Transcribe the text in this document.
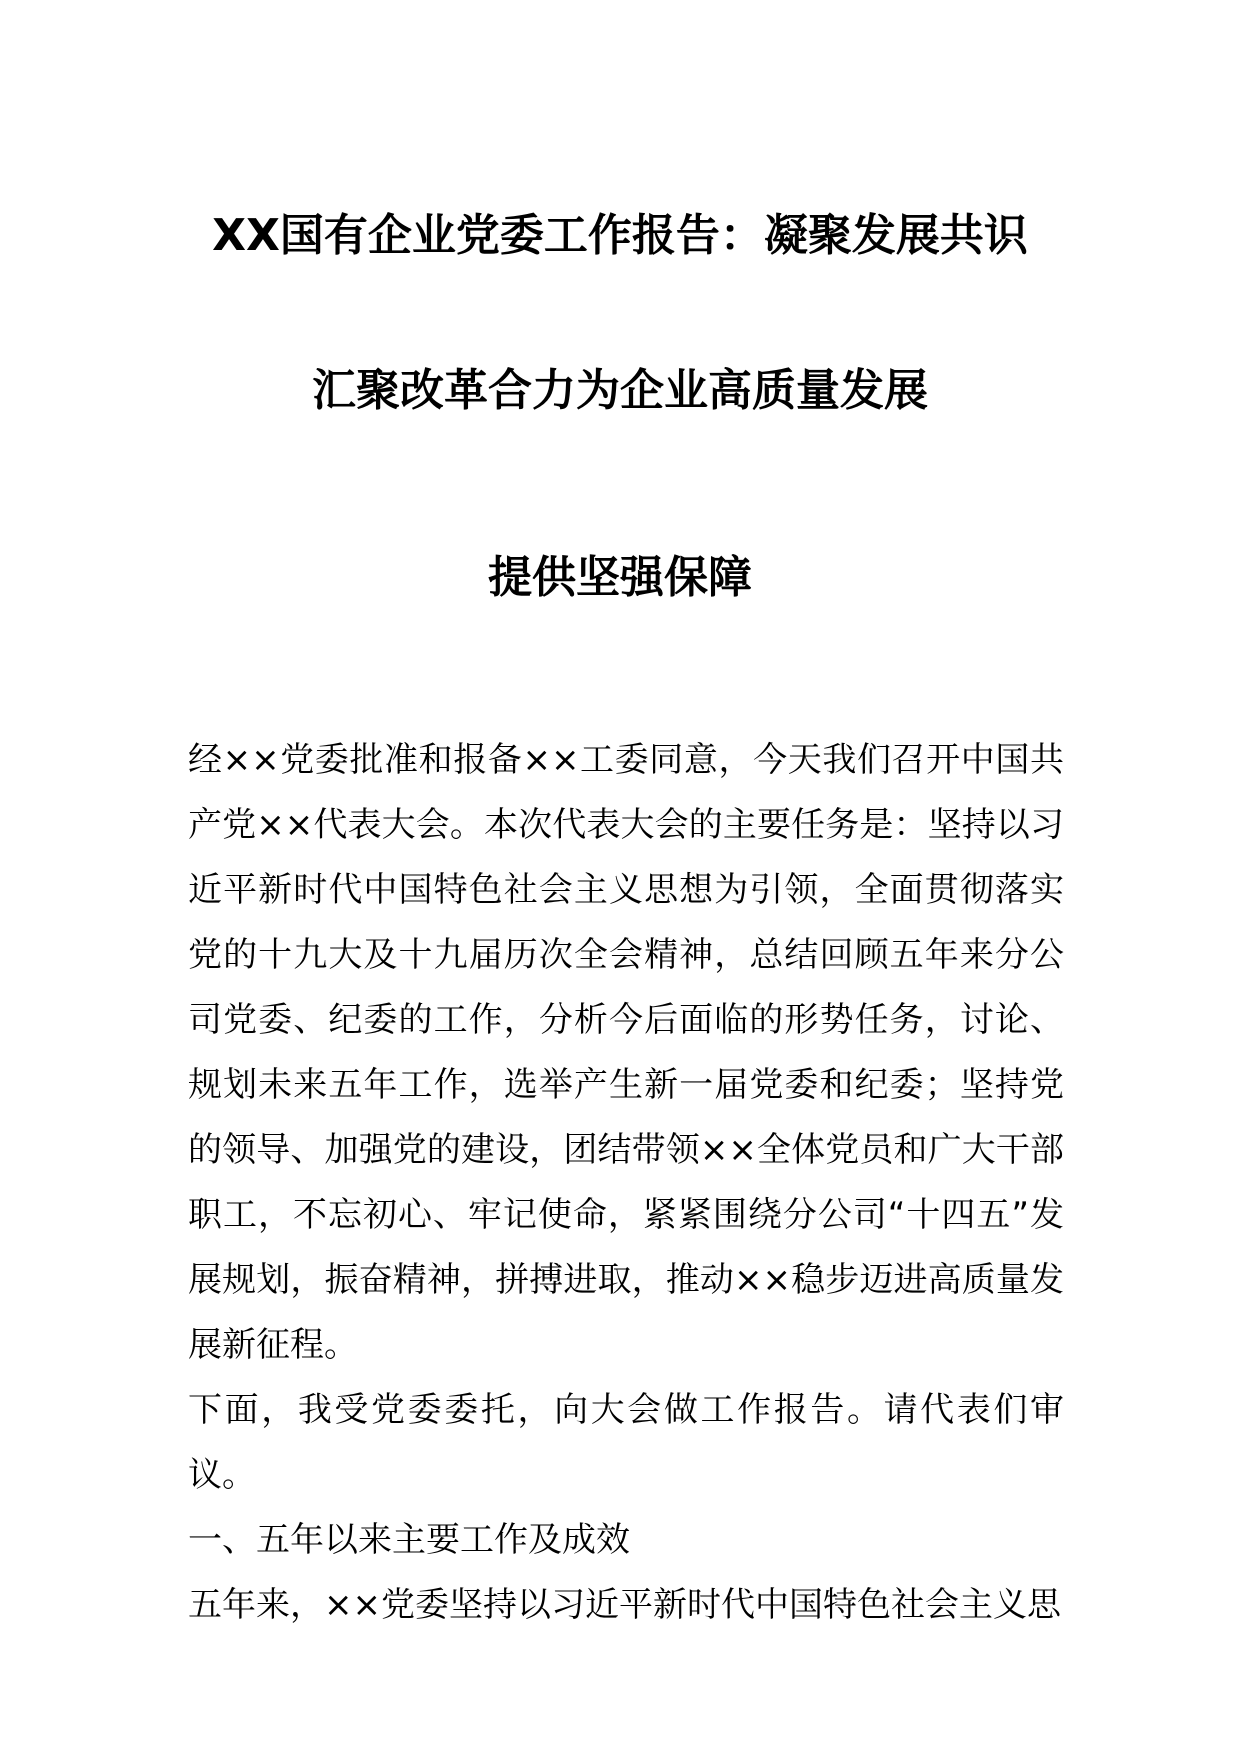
XX国有企业党委工作报告：凝聚发展共识
汇聚改革合力为企业高质量发展
提供坚强保障

经××党委批准和报备××工委同意，今天我们召开中国共产党××代表大会。本次代表大会的主要任务是：坚持以习近平新时代中国特色社会主义思想为引领，全面贯彻落实党的十九大及十九届历次全会精神，总结回顾五年来分公司党委、纪委的工作，分析今后面临的形势任务，讨论、规划未来五年工作，选举产生新一届党委和纪委；坚持党的领导、加强党的建设，团结带领××全体党员和广大干部职工，不忘初心、牢记使命，紧紧围绕分公司“十四五”发展规划，振奋精神，拼搏进取，推动××稳步迈进高质量发展新征程。

下面，我受党委委托，向大会做工作报告。请代表们审议。

一、五年以来主要工作及成效

五年来，××党委坚持以习近平新时代中国特色社会主义思
